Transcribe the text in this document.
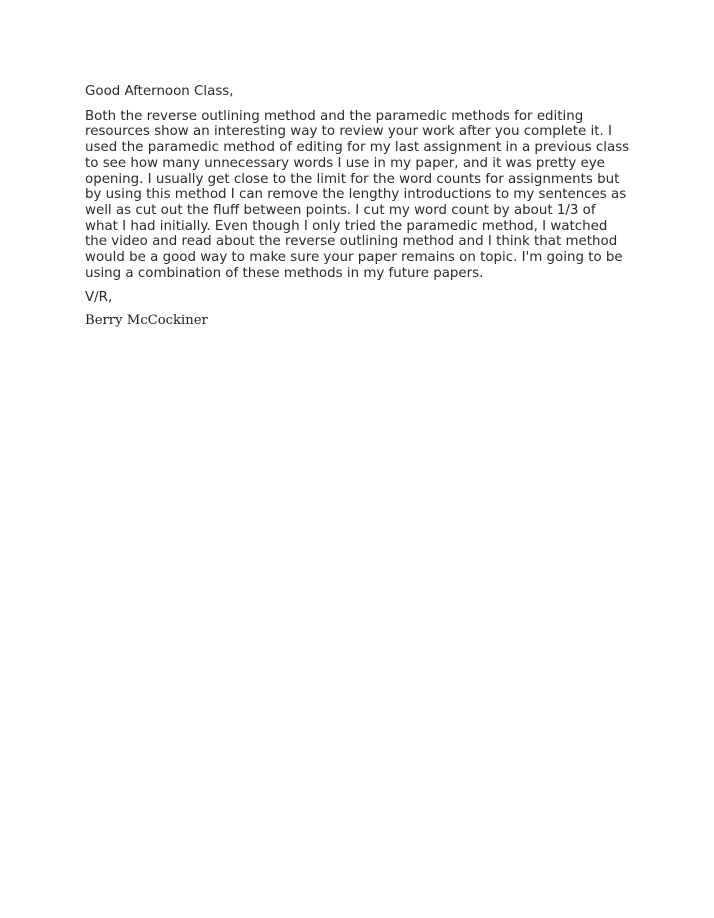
Good Afternoon Class,

Both the reverse outlining method and the paramedic methods for editing
resources show an interesting way to review your work after you complete it. I
used the paramedic method of editing for my last assignment in a previous class
to see how many unnecessary words I use in my paper, and it was pretty eye
opening. I usually get close to the limit for the word counts for assignments but
by using this method I can remove the lengthy introductions to my sentences as
well as cut out the fluff between points. I cut my word count by about 1/3 of
what I had initially. Even though I only tried the paramedic method, I watched
the video and read about the reverse outlining method and I think that method
would be a good way to make sure your paper remains on topic. I'm going to be
using a combination of these methods in my future papers.

V/R,

Berry McCockiner
